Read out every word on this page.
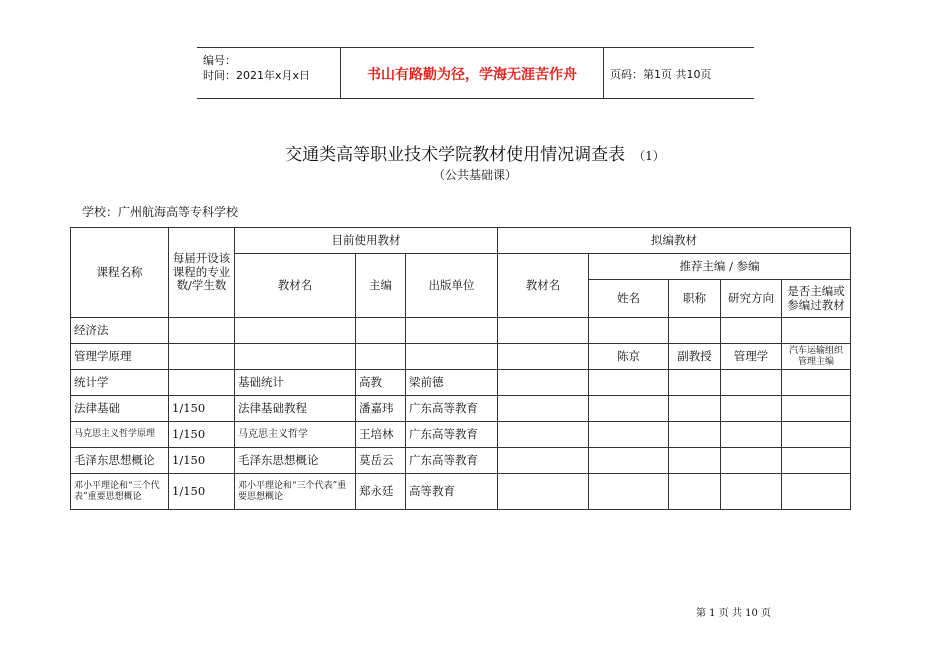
编号：
时间：2021年x月x日	书山有路勤为径，学海无涯苦作舟	页码：第1页 共10页
交通类高等职业技术学院教材使用情况调查表 （1）
（公共基础课）
学校：广州航海高等专科学校
课程名称	每届开设该课程的专业数/学生数	目前使用教材			拟编教材				
		教材名	主编	出版单位	教材名	推荐主编 / 参编			
						姓名	职称	研究方向	是否主编或参编过教材
经济法									
管理学原理						陈京	副教授	管理学	汽车运输组织管理主编
统计学		基础统计	高教	梁前德					
法律基础	1/150	法律基础教程	潘嘉玮	广东高等教育					
马克思主义哲学原理	1/150	马克思主义哲学	王培林	广东高等教育					
毛泽东思想概论	1/150	毛泽东思想概论	莫岳云	广东高等教育					
邓小平理论和“三个代表”重要思想概论	1/150	邓小平理论和“三个代表”重要思想概论	郑永廷	高等教育					
第 1 页 共 10 页
